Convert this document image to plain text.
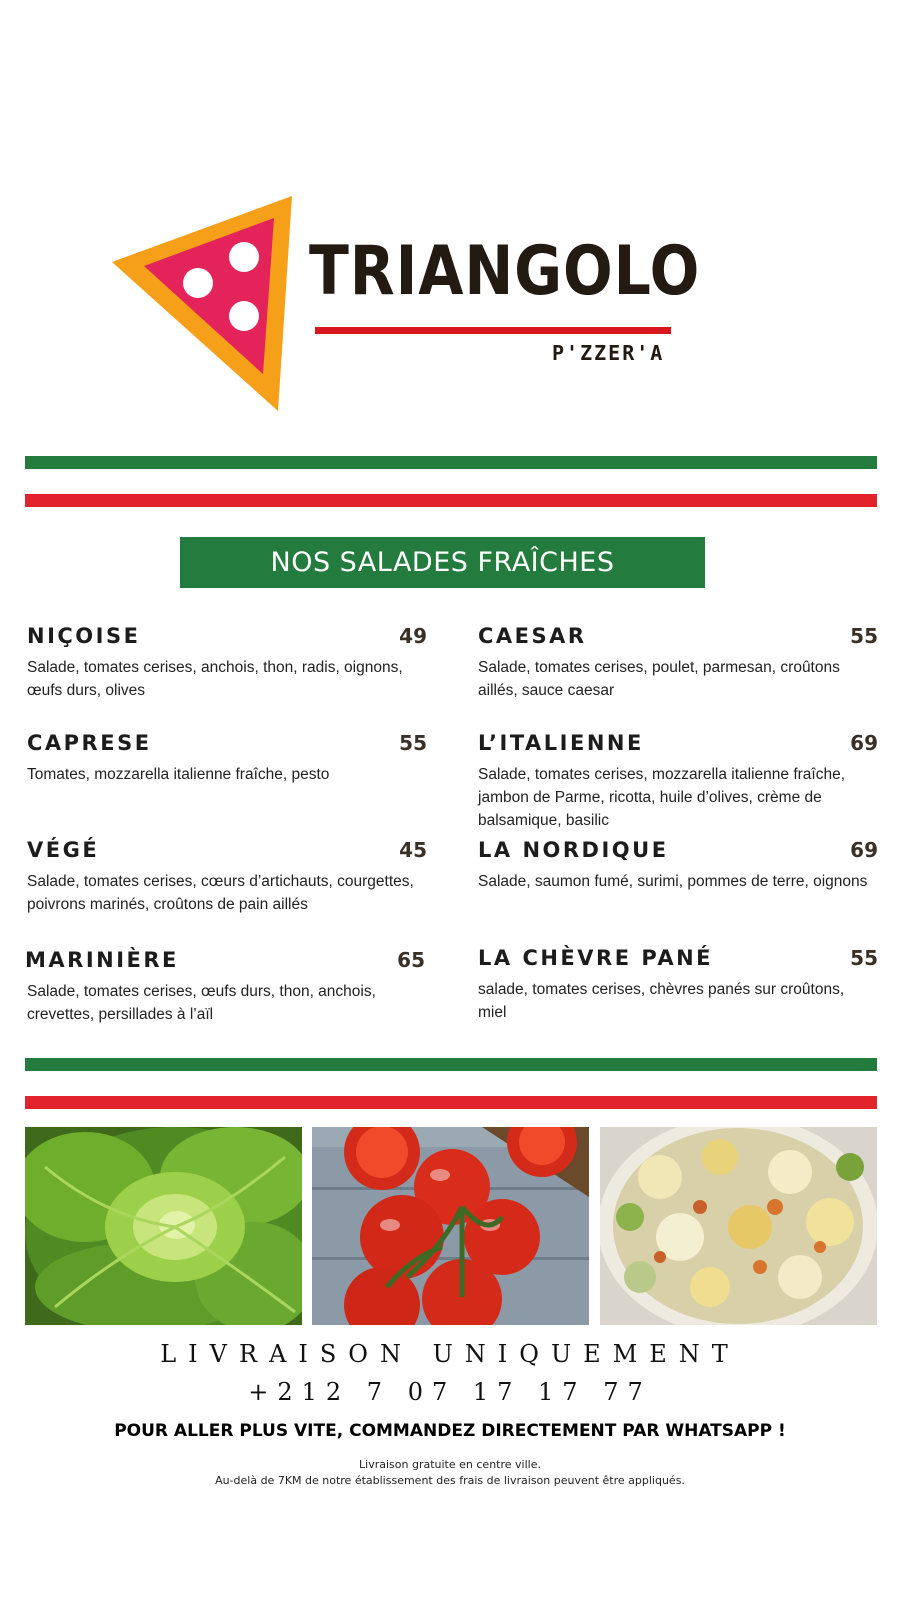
TRIANGOLO
P'ZZER'A
NOS SALADES FRAÎCHES
NIÇOISE	49
Salade, tomates cerises, anchois, thon, radis, oignons, œufs durs, olives
CAPRESE	55
Tomates, mozzarella italienne fraîche, pesto
VÉGÉ	45
Salade, tomates cerises, cœurs d’artichauts, courgettes, poivrons marinés, croûtons de pain aillés
MARINIÈRE	65
Salade, tomates cerises, œufs durs, thon, anchois, crevettes, persillades à l’aïl
CAESAR	55
Salade, tomates cerises, poulet, parmesan, croûtons aillés, sauce caesar
L’ITALIENNE	69
Salade, tomates cerises, mozzarella italienne fraîche, jambon de Parme, ricotta, huile d’olives, crème de balsamique, basilic
LA NORDIQUE	69
Salade, saumon fumé, surimi, pommes de terre, oignons
LA CHÈVRE PANÉ	55
salade, tomates cerises, chèvres panés sur croûtons, miel
LIVRAISON UNIQUEMENT
+212 7 07 17 17 77
POUR ALLER PLUS VITE, COMMANDEZ DIRECTEMENT PAR WHATSAPP !
Livraison gratuite en centre ville.
Au-delà de 7KM de notre établissement des frais de livraison peuvent être appliqués.
